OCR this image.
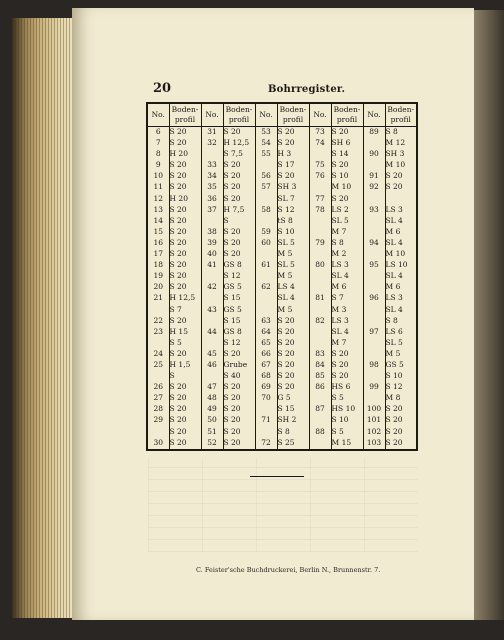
20	Bohrregister.
No.	Boden-
profil	No.	Boden-
profil	No.	Boden-
profil	No.	Boden-
profil	No.	Boden-
profil
6	S 20	31	S 20	53	S 20	73	S 20	89	S 8
7	S 20	32	H 12,5	54	S 20	74	SH 6		M 12
8	H 20		S 7,5	55	H 3		S 14	90	SH 3
9	S 20	33	S 20		S 17	75	S 20		M 10
10	S 20	34	S 20	56	S 20	76	S 10	91	S 20
11	S 20	35	S 20	57	SH 3		M 10	92	S 20
12	H 20	36	S 20		SL 7	77	S 20		
13	S 20	37	H 7,5	58	S 12	78	LS 2	93	LS 3
14	S 20		S		tS 8		SL 5		SL 4
15	S 20	38	S 20	59	S 10		M 7		M 6
16	S 20	39	S 20	60	SL 5	79	S 8	94	SL 4
17	S 20	40	S 20		M 5		M 2		M 10
18	S 20	41	GS 8	61	SL 5	80	LS 3	95	LS 10
19	S 20		S 12		M 5		SL 4		SL 4
20	S 20	42	GS 5	62	LS 4		M 6		M 6
21	H 12,5		S 15		SL 4	81	S 7	96	LS 3
	S 7	43	GS 5		M 5		M 3		SL 4
22	S 20		S 15	63	S 20	82	LS 3		S 8
23	H 15	44	GS 8	64	S 20		SL 4	97	LS 6
	S 5		S 12	65	S 20		M 7		SL 5
24	S 20	45	S 20	66	S 20	83	S 20		M 5
25	H 1,5	46	Grube	67	S 20	84	S 20	98	GS 5
	S		S 40	68	S 20	85	S 20		S 10
26	S 20	47	S 20	69	S 20	86	HS 6	99	S 12
27	S 20	48	S 20	70	G 5		S 5		M 8
28	S 20	49	S 20		S 15	87	HS 10	100	S 20
29	S 20	50	S 20	71	SH 2		S 10	101	S 20
	S 20	51	S 20		S 8	88	S 5	102	S 20
30	S 20	52	S 20	72	S 25		M 15	103	S 20
C. Feister'sche Buchdruckerei, Berlin N., Brunnenstr. 7.
